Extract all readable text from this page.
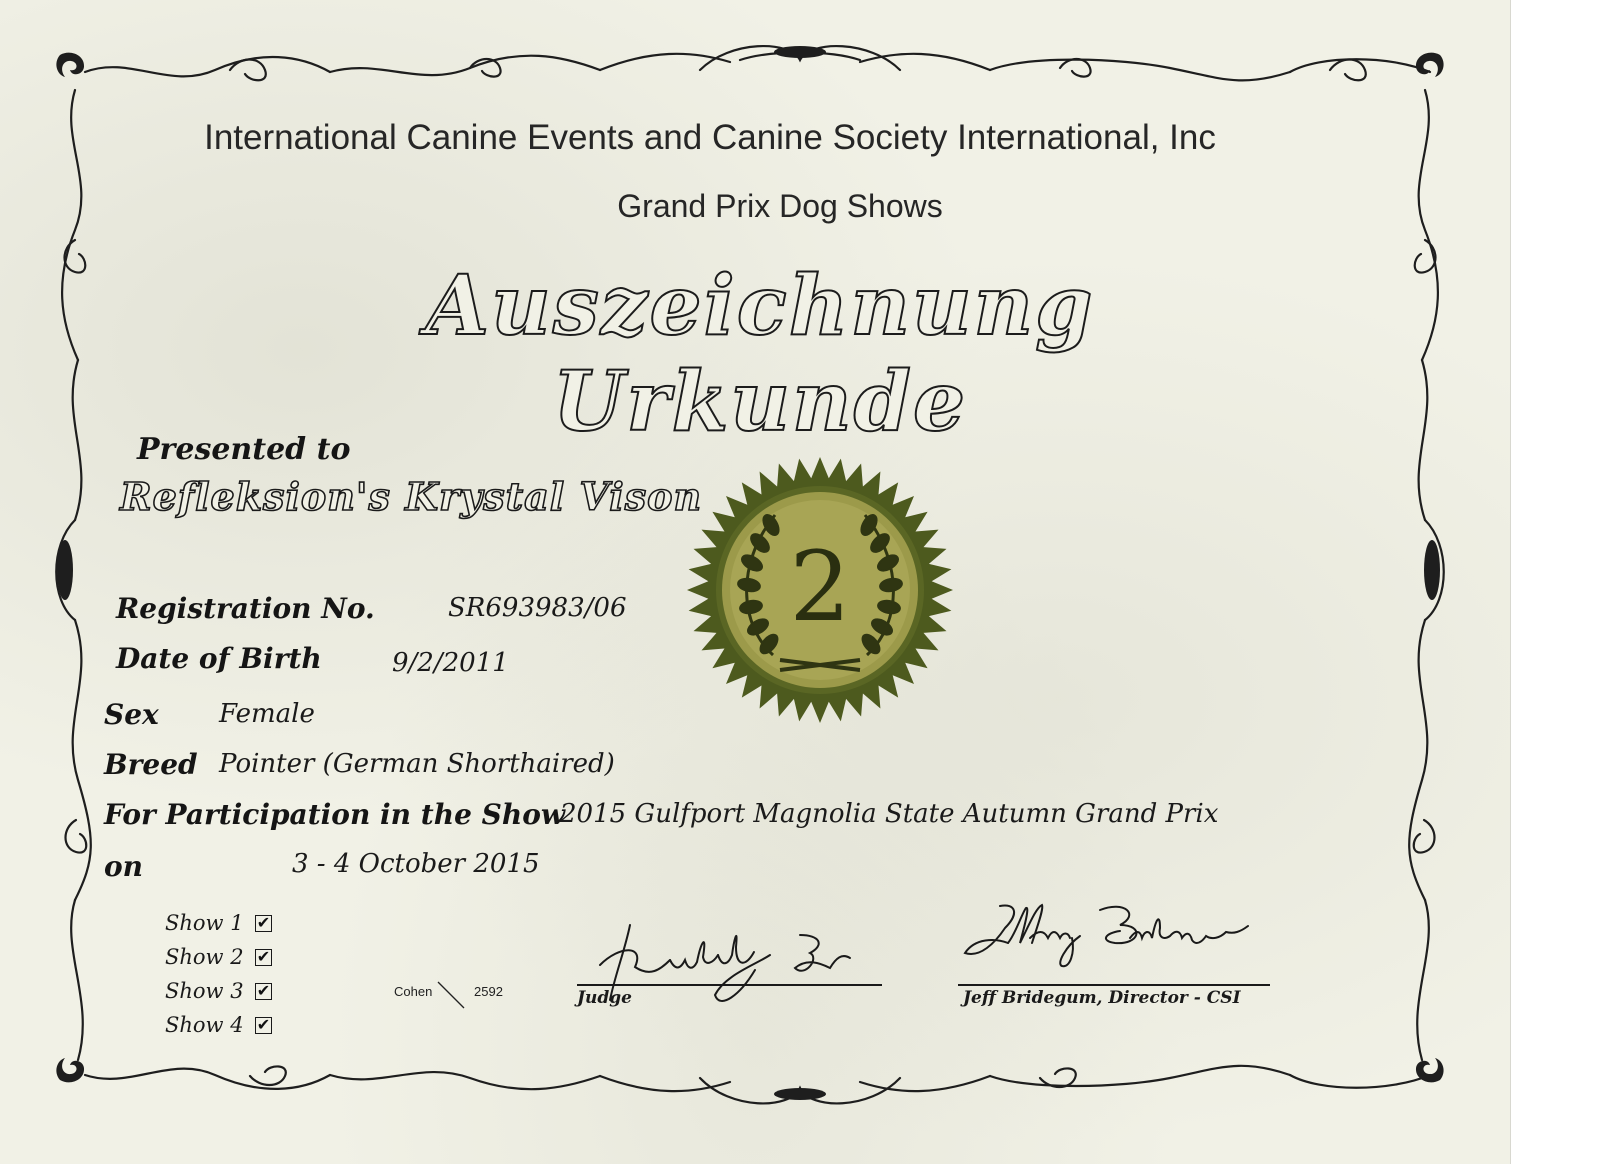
International Canine Events and Canine Society International, Inc
Grand Prix Dog Shows
Auszeichnung Urkunde
Presented to
Refleksion's Krystal Vison
Registration No.	SR693983/06
Date of Birth	9/2/2011
Sex Female
Breed Pointer (German Shorthaired)
For Participation in the Show
2015 Gulfport Magnolia State Autumn Grand Prix
on	3 - 4 October 2015
Show 1 ✔
Show 2 ✔
Show 3 ✔
Show 4 ✔
Cohen	2592	Judge	Jeff Bridegum, Director - CSI
2
